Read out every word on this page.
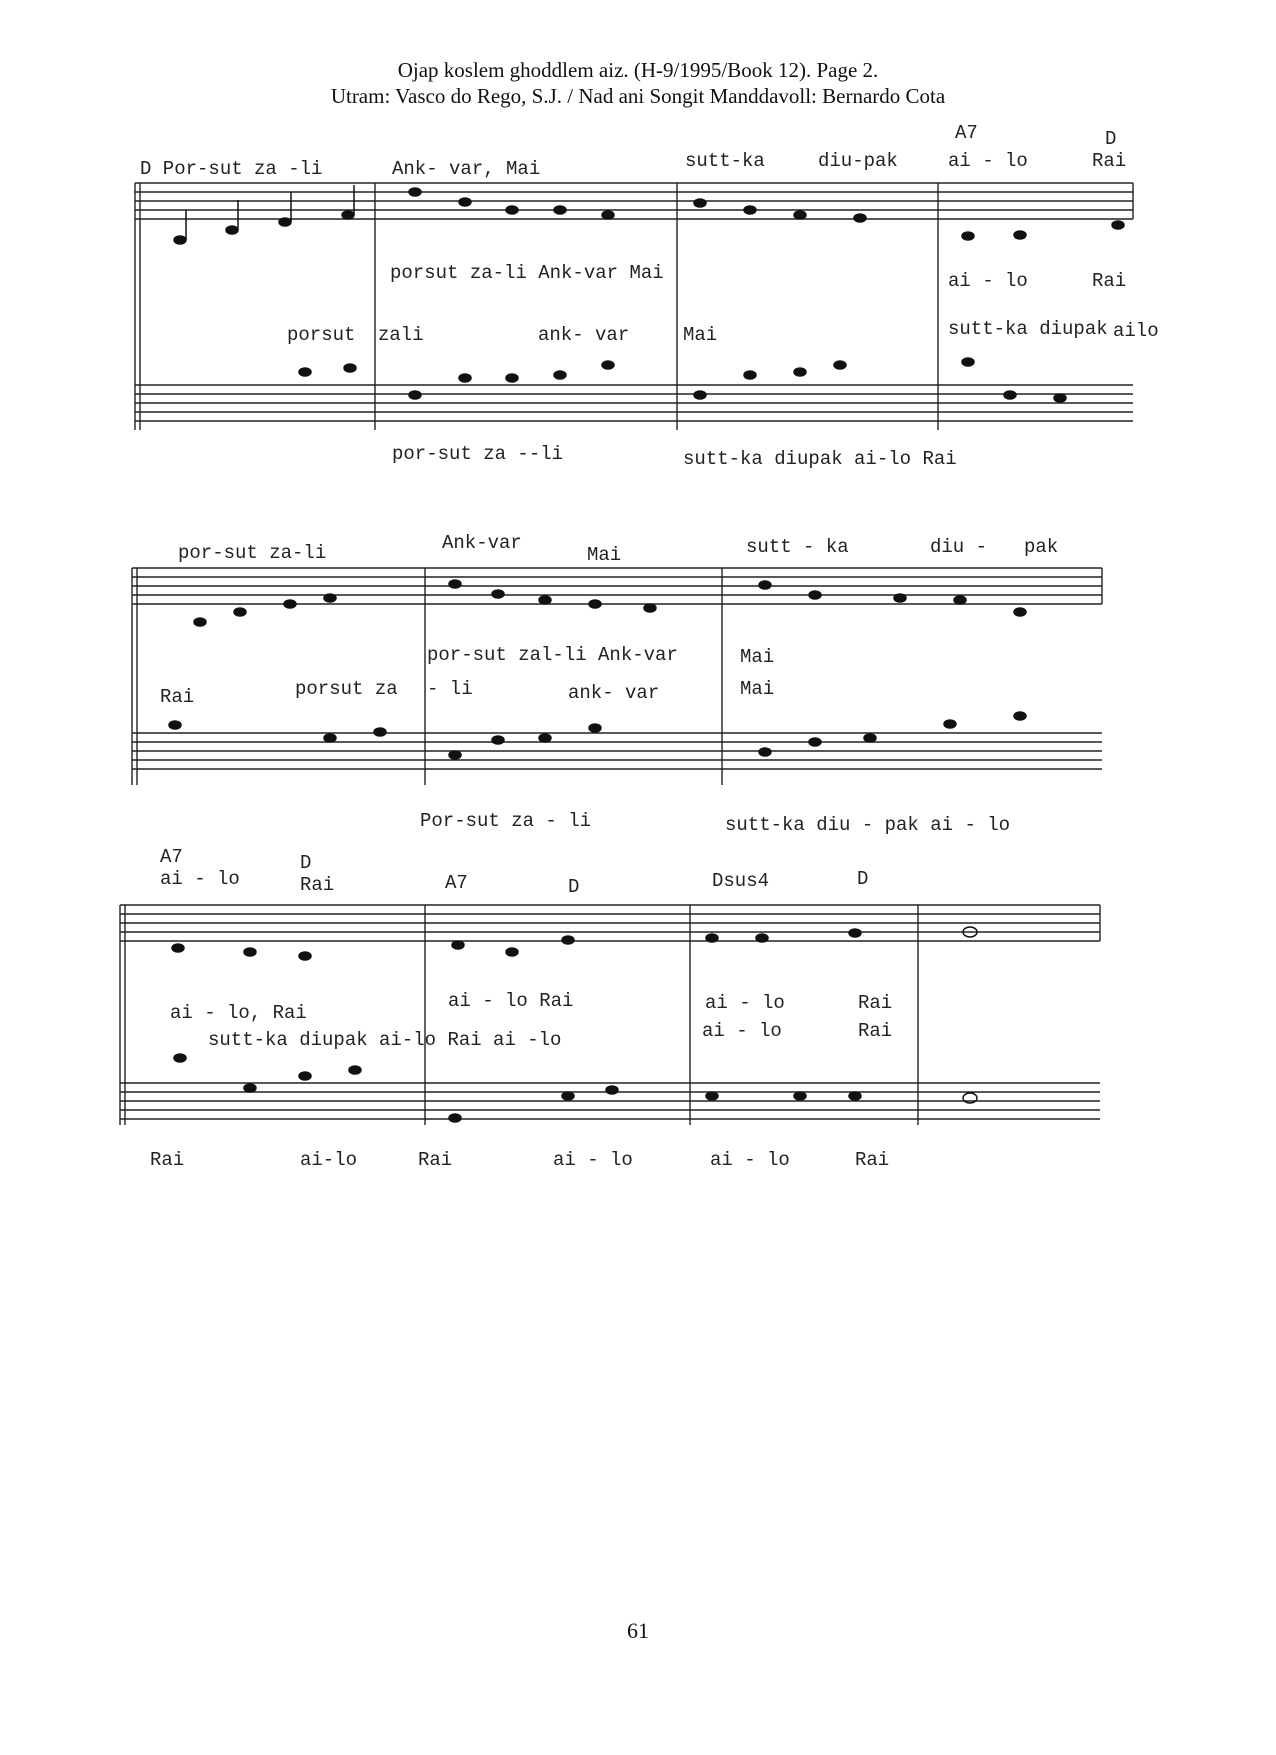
Ojap koslem ghoddlem aiz. (H-9/1995/Book 12). Page 2.
Utram: Vasco do Rego, S.J. / Nad ani Songit Manddavoll: Bernardo Cota
A7	D
D Por-sut za -li	Ank- var, Mai	sutt-ka	diu-pak	ai - lo	Rai
porsut za-li Ank-var Mai	ai - lo	Rai
porsut zali	ank- var	Mai	sutt-ka diupak ailo
por-sut za --li	sutt-ka diupak ai-lo Rai
por-sut za-li	Ank-var
Mai	sutt - ka	diu - pak
por-sut zal-li Ank-var	Mai
Rai	porsut za - li	ank- var	Mai
Por-sut za - li	sutt-ka diu - pak ai - lo
A7	D
A7	D	Dsus4	D
ai - lo	Rai
ai - lo, Rai
ai - lo Rai	ai - lo	Rai
sutt-ka diupak ai-lo Rai ai -lo	ai - lo	Rai
Rai	ai-lo	Rai	ai - lo	ai - lo	Rai
61
